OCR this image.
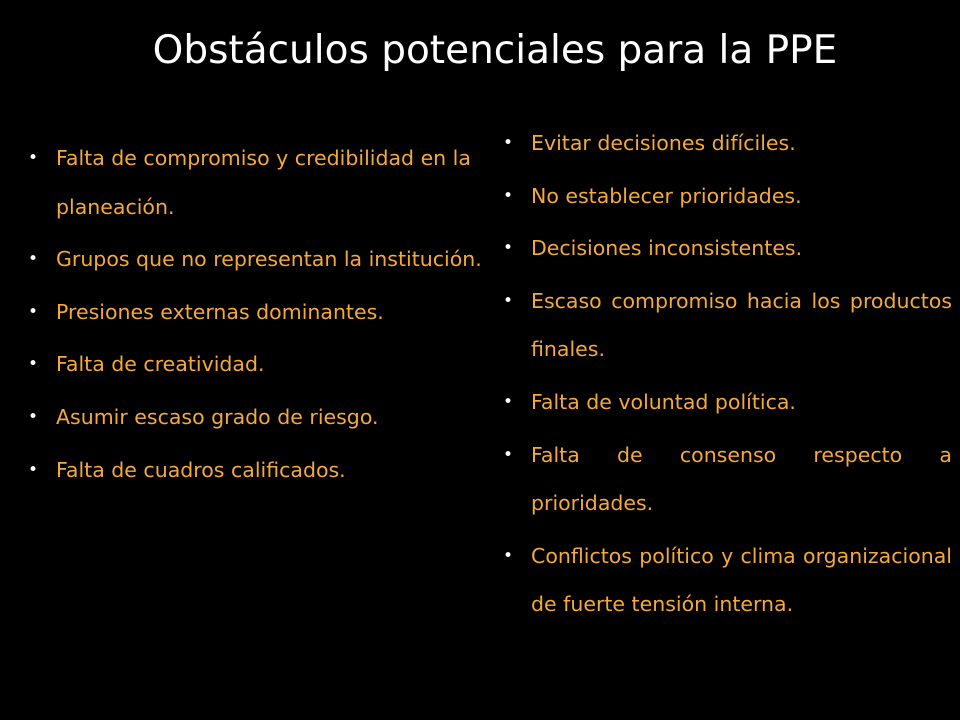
Obstáculos potenciales para la PPE
• Falta de compromiso y credibilidad en la planeación.
• Grupos que no representan la institución.
• Presiones externas dominantes.
• Falta de creatividad.
• Asumir escaso grado de riesgo.
• Falta de cuadros calificados.
• Evitar decisiones difíciles.
• No establecer prioridades.
• Decisiones inconsistentes.
• Escaso compromiso hacia los productos finales.
• Falta de voluntad política.
• Falta de consenso respecto a prioridades.
• Conflictos político y clima organizacional de fuerte tensión interna.
